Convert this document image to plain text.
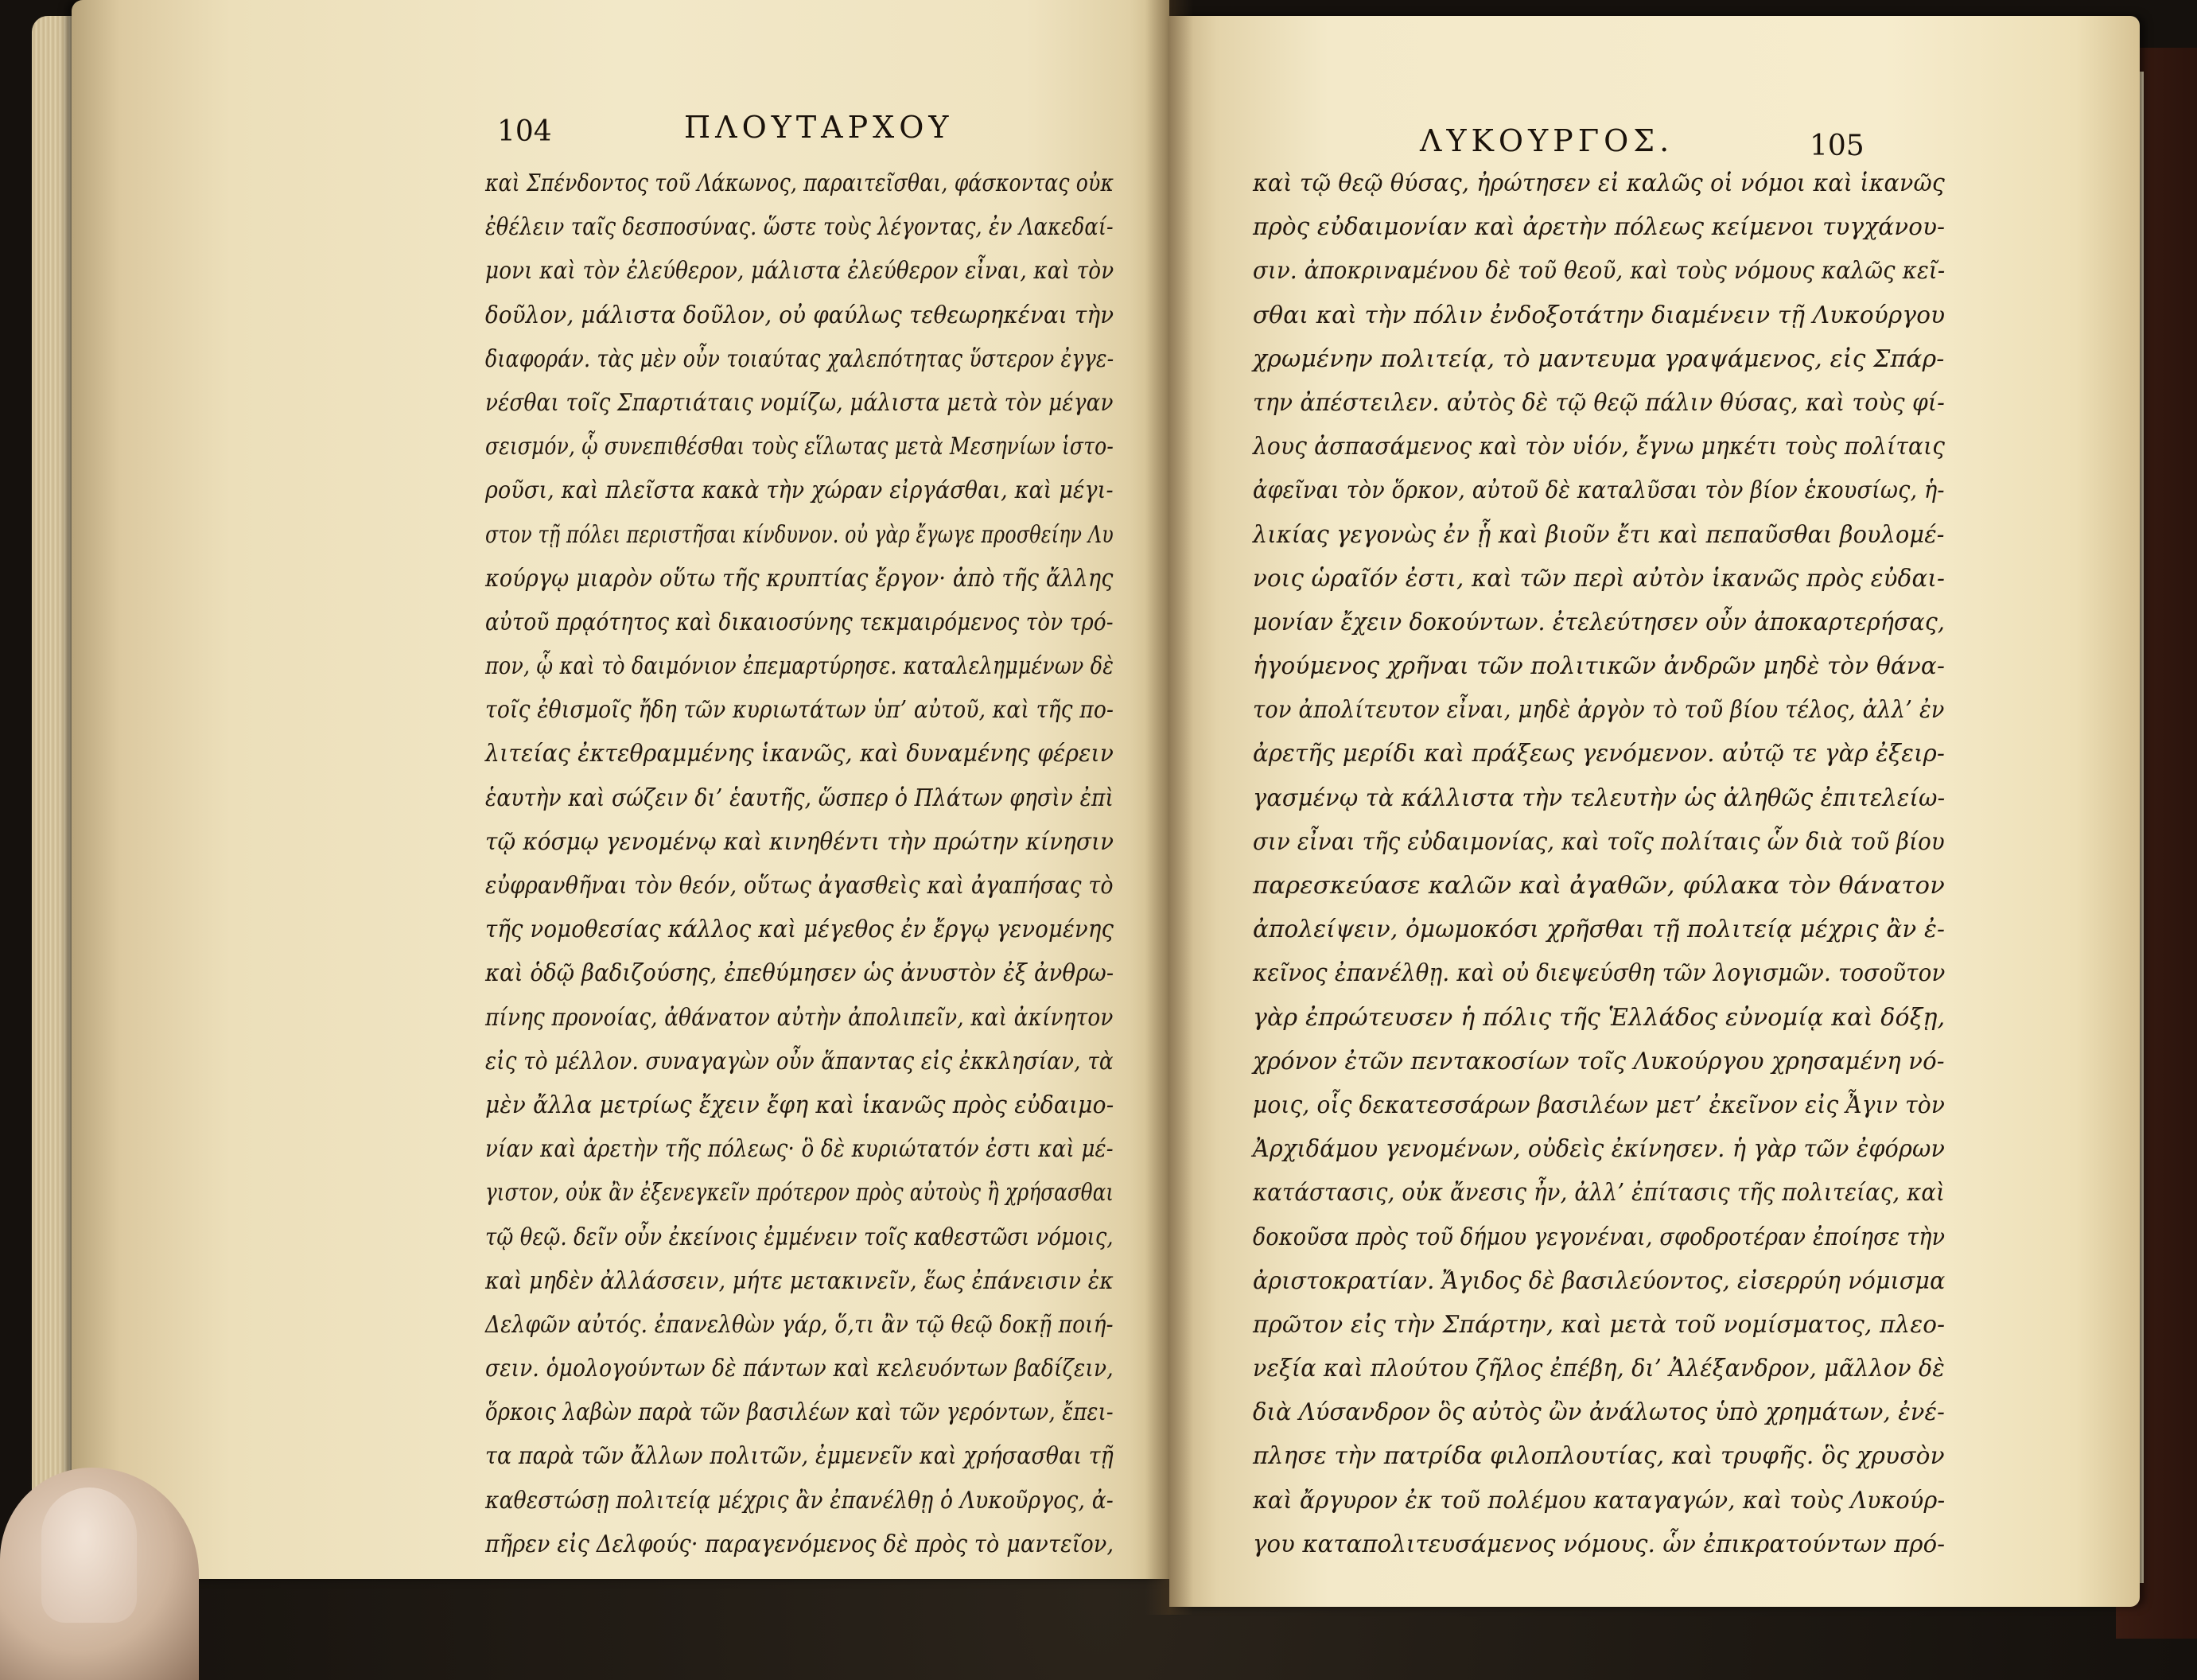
104	ΠΛΟΥΤΑΡΧΟΥ
καὶ Σπένδοντος τοῦ Λάκωνος, παραιτεῖσθαι, φάσκοντας οὐκ
ἐθέλειν ταῖς δεσποσύνας. ὥστε τοὺς λέγοντας, ἐν Λακεδαί-
μονι καὶ τὸν ἐλεύθερον, μάλιστα ἐλεύθερον εἶναι, καὶ τὸν
δοῦλον, μάλιστα δοῦλον, οὐ φαύλως τεθεωρηκέναι τὴν
διαφοράν. τὰς μὲν οὖν τοιαύτας χαλεπότητας ὕστερον ἐγγε-
νέσθαι τοῖς Σπαρτιάταις νομίζω, μάλιστα μετὰ τὸν μέγαν
σεισμόν, ᾧ συνεπιθέσθαι τοὺς εἵλωτας μετὰ Μεσηνίων ἱστο-
ροῦσι, καὶ πλεῖστα κακὰ τὴν χώραν εἰργάσθαι, καὶ μέγι-
στον τῇ πόλει περιστῆσαι κίνδυνον. οὐ γὰρ ἔγωγε προσθείην Λυ
κούργῳ μιαρὸν οὕτω τῆς κρυπτίας ἔργον· ἀπὸ τῆς ἄλλης
αὐτοῦ πρᾳότητος καὶ δικαιοσύνης τεκμαιρόμενος τὸν τρό-
πον, ᾧ καὶ τὸ δαιμόνιον ἐπεμαρτύρησε. καταλελημμένων δὲ
τοῖς ἐθισμοῖς ἤδη τῶν κυριωτάτων ὑπ’ αὐτοῦ, καὶ τῆς πο-
λιτείας ἐκτεθραμμένης ἱκανῶς, καὶ δυναμένης φέρειν
ἑαυτὴν καὶ σώζειν δι’ ἑαυτῆς, ὥσπερ ὁ Πλάτων φησὶν ἐπὶ
τῷ κόσμῳ γενομένῳ καὶ κινηθέντι τὴν πρώτην κίνησιν
εὐφρανθῆναι τὸν θεόν, οὕτως ἀγασθεὶς καὶ ἀγαπήσας τὸ
τῆς νομοθεσίας κάλλος καὶ μέγεθος ἐν ἔργῳ γενομένης
καὶ ὁδῷ βαδιζούσης, ἐπεθύμησεν ὡς ἀνυστὸν ἐξ ἀνθρω-
πίνης προνοίας, ἀθάνατον αὐτὴν ἀπολιπεῖν, καὶ ἀκίνητον
εἰς τὸ μέλλον. συναγαγὼν οὖν ἅπαντας εἰς ἐκκλησίαν, τὰ
μὲν ἄλλα μετρίως ἔχειν ἔφη καὶ ἱκανῶς πρὸς εὐδαιμο-
νίαν καὶ ἀρετὴν τῆς πόλεως· ὃ δὲ κυριώτατόν ἐστι καὶ μέ-
γιστον, οὐκ ἂν ἐξενεγκεῖν πρότερον πρὸς αὐτοὺς ἢ χρήσασθαι
τῷ θεῷ. δεῖν οὖν ἐκείνοις ἐμμένειν τοῖς καθεστῶσι νόμοις,
καὶ μηδὲν ἀλλάσσειν, μήτε μετακινεῖν, ἕως ἐπάνεισιν ἐκ
Δελφῶν αὐτός. ἐπανελθὼν γάρ, ὅ,τι ἂν τῷ θεῷ δοκῇ ποιή-
σειν. ὁμολογούντων δὲ πάντων καὶ κελευόντων βαδίζειν,
ὅρκοις λαβὼν παρὰ τῶν βασιλέων καὶ τῶν γερόντων, ἔπει-
τα παρὰ τῶν ἄλλων πολιτῶν, ἐμμενεῖν καὶ χρήσασθαι τῇ
καθεστώσῃ πολιτείᾳ μέχρις ἂν ἐπανέλθῃ ὁ Λυκοῦργος, ἀ-
πῆρεν εἰς Δελφούς· παραγενόμενος δὲ πρὸς τὸ μαντεῖον,
ΛΥΚΟΥΡΓΟΣ.	105
καὶ τῷ θεῷ θύσας, ἠρώτησεν εἰ καλῶς οἱ νόμοι καὶ ἱκανῶς
πρὸς εὐδαιμονίαν καὶ ἀρετὴν πόλεως κείμενοι τυγχάνου-
σιν. ἀποκριναμένου δὲ τοῦ θεοῦ, καὶ τοὺς νόμους καλῶς κεῖ-
σθαι καὶ τὴν πόλιν ἐνδοξοτάτην διαμένειν τῇ Λυκούργου
χρωμένην πολιτείᾳ, τὸ μαντευμα γραψάμενος, εἰς Σπάρ-
την ἀπέστειλεν. αὐτὸς δὲ τῷ θεῷ πάλιν θύσας, καὶ τοὺς φί-
λους ἀσπασάμενος καὶ τὸν υἱόν, ἔγνω μηκέτι τοὺς πολίταις
ἀφεῖναι τὸν ὅρκον, αὐτοῦ δὲ καταλῦσαι τὸν βίον ἑκουσίως, ἡ-
λικίας γεγονὼς ἐν ᾗ καὶ βιοῦν ἔτι καὶ πεπαῦσθαι βουλομέ-
νοις ὡραῖόν ἐστι, καὶ τῶν περὶ αὐτὸν ἱκανῶς πρὸς εὐδαι-
μονίαν ἔχειν δοκούντων. ἐτελεύτησεν οὖν ἀποκαρτερήσας,
ἡγούμενος χρῆναι τῶν πολιτικῶν ἀνδρῶν μηδὲ τὸν θάνα-
τον ἀπολίτευτον εἶναι, μηδὲ ἀργὸν τὸ τοῦ βίου τέλος, ἀλλ’ ἐν
ἀρετῆς μερίδι καὶ πράξεως γενόμενον. αὐτῷ τε γὰρ ἐξειρ-
γασμένῳ τὰ κάλλιστα τὴν τελευτὴν ὡς ἀληθῶς ἐπιτελείω-
σιν εἶναι τῆς εὐδαιμονίας, καὶ τοῖς πολίταις ὧν διὰ τοῦ βίου
παρεσκεύασε καλῶν καὶ ἀγαθῶν, φύλακα τὸν θάνατον
ἀπολείψειν, ὀμωμοκόσι χρῆσθαι τῇ πολιτείᾳ μέχρις ἂν ἐ-
κεῖνος ἐπανέλθῃ. καὶ οὐ διεψεύσθη τῶν λογισμῶν. τοσοῦτον
γὰρ ἐπρώτευσεν ἡ πόλις τῆς Ἑλλάδος εὐνομίᾳ καὶ δόξῃ,
χρόνον ἐτῶν πεντακοσίων τοῖς Λυκούργου χρησαμένη νό-
μοις, οἷς δεκατεσσάρων βασιλέων μετ’ ἐκεῖνον εἰς Ἆγιν τὸν
Ἀρχιδάμου γενομένων, οὐδεὶς ἐκίνησεν. ἡ γὰρ τῶν ἐφόρων
κατάστασις, οὐκ ἄνεσις ἦν, ἀλλ’ ἐπίτασις τῆς πολιτείας, καὶ
δοκοῦσα πρὸς τοῦ δήμου γεγονέναι, σφοδροτέραν ἐποίησε τὴν
ἀριστοκρατίαν. Ἄγιδος δὲ βασιλεύοντος, εἰσερρύη νόμισμα
πρῶτον εἰς τὴν Σπάρτην, καὶ μετὰ τοῦ νομίσματος, πλεο-
νεξία καὶ πλούτου ζῆλος ἐπέβη, δι’ Ἀλέξανδρον, μᾶλλον δὲ
διὰ Λύσανδρον ὃς αὐτὸς ὢν ἀνάλωτος ὑπὸ χρημάτων, ἐνέ-
πλησε τὴν πατρίδα φιλοπλουτίας, καὶ τρυφῆς. ὃς χρυσὸν
καὶ ἄργυρον ἐκ τοῦ πολέμου καταγαγών, καὶ τοὺς Λυκούρ-
γου καταπολιτευσάμενος νόμους. ὧν ἐπικρατούντων πρό-
